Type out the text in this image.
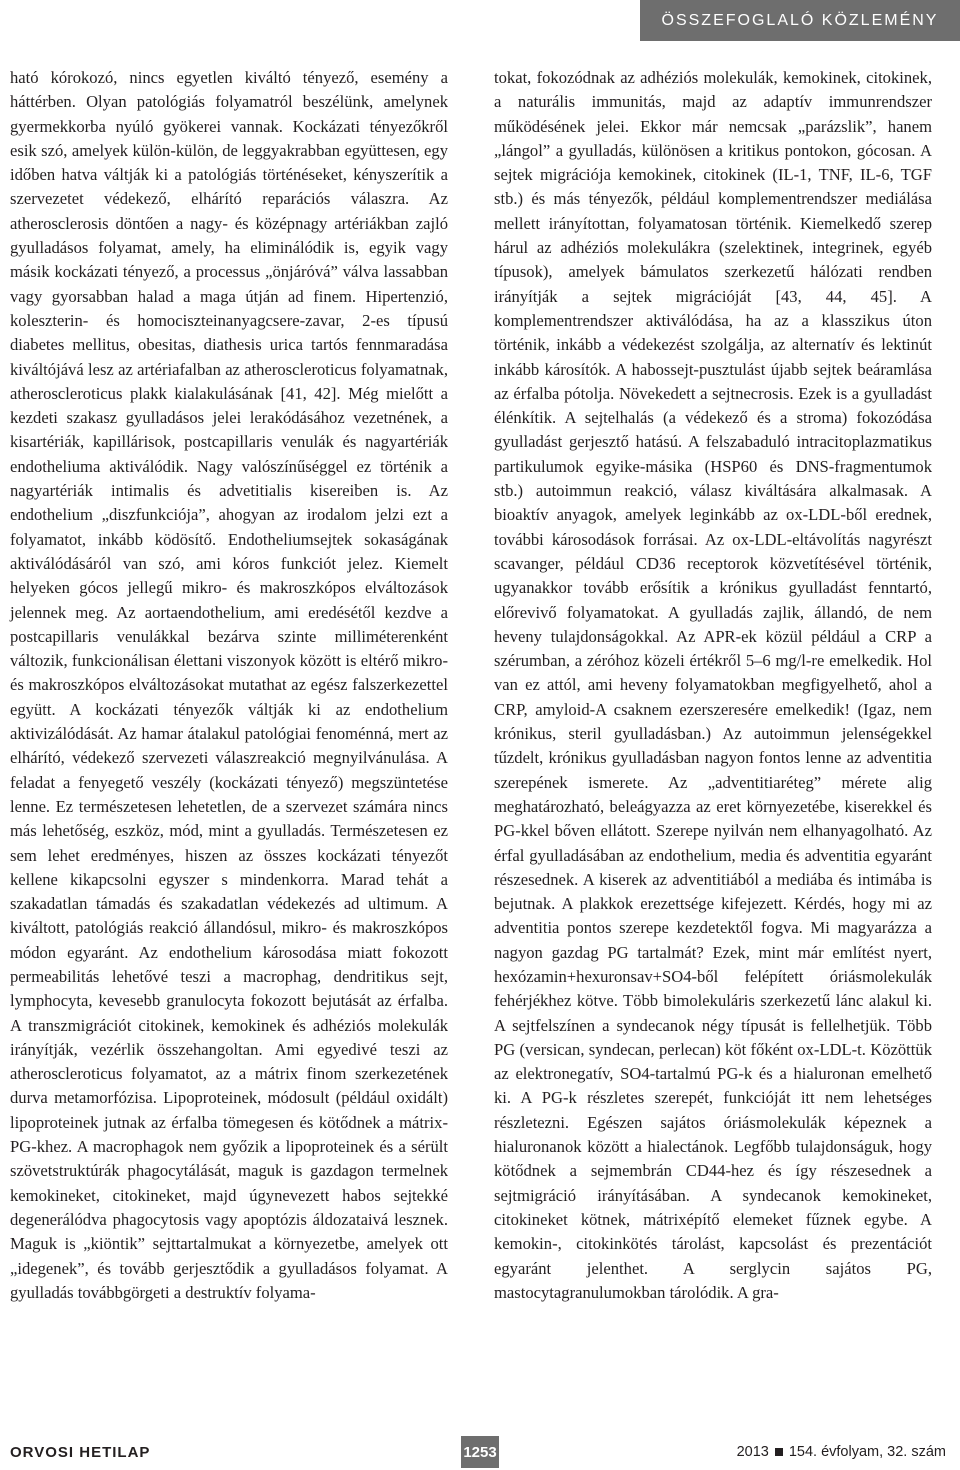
ÖSSZEFOGLALÓ KÖZLEMÉNY

ható kórokozó, nincs egyetlen kiváltó tényező, esemény a háttérben. Olyan patológiás folyamatról beszélünk, amelynek gyermekkorba nyúló gyökerei vannak. Kockázati tényezőkről esik szó, amelyek külön-külön, de leggyakrabban együttesen, egy időben hatva váltják ki a patológiás történéseket, kényszerítik a szervezetet védekező, elhárító reparációs válaszra. Az atherosclerosis döntően a nagy- és középnagy artériákban zajló gyulladásos folyamat, amely, ha eliminálódik is, egyik vagy másik kockázati tényező, a processus „önjáróvá” válva lassabban vagy gyorsabban halad a maga útján ad finem. Hipertenzió, koleszterin- és homociszteinanyagcsere-zavar, 2-es típusú diabetes mellitus, obesitas, diathesis urica tartós fennmaradása kiváltójává lesz az artériafalban az atheroscleroticus folyamatnak, atheroscleroticus plakk kialakulásának [41, 42]. Még mielőtt a kezdeti szakasz gyulladásos jelei lerakódásához vezetnének, a kisartériák, kapillárisok, postcapillaris venulák és nagyartériák endotheliuma aktiválódik. Nagy valószínűséggel ez történik a nagyartériák intimalis és advetitialis kisereiben is. Az endothelium „diszfunkciója”, ahogyan az irodalom jelzi ezt a folyamatot, inkább ködösítő. Endotheliumsejtek sokaságának aktiválódásáról van szó, ami kóros funkciót jelez. Kiemelt helyeken gócos jellegű mikro- és makroszkópos elváltozások jelennek meg. Az aortaendothelium, ami eredésétől kezdve a postcapillaris venulákkal bezárva szinte milliméterenként változik, funkcionálisan élettani viszonyok között is eltérő mikro- és makroszkópos elváltozásokat mutathat az egész falszerkezettel együtt. A kockázati tényezők váltják ki az endothelium aktivizálódását. Az hamar átalakul patológiai fenoménná, mert az elhárító, védekező szervezeti válaszreakció megnyilvánulása. A feladat a fenyegető veszély (kockázati tényező) megszüntetése lenne. Ez természetesen lehetetlen, de a szervezet számára nincs más lehetőség, eszköz, mód, mint a gyulladás. Természetesen ez sem lehet eredményes, hiszen az összes kockázati tényezőt kellene kikapcsolni egyszer s mindenkorra. Marad tehát a szakadatlan támadás és szakadatlan védekezés ad ultimum. A kiváltott, patológiás reakció állandósul, mikro- és makroszkópos módon egyaránt. Az endothelium károsodása miatt fokozott permeabilitás lehetővé teszi a macrophag, dendritikus sejt, lymphocyta, kevesebb granulocyta fokozott bejutását az érfalba. A transzmigrációt citokinek, kemokinek és adhéziós molekulák irányítják, vezérlik összehangoltan. Ami egyedivé teszi az atheroscleroticus folyamatot, az a mátrix finom szerkezetének durva metamorfózisa. Lipoproteinek, módosult (például oxidált) lipoproteinek jutnak az érfalba tömegesen és kötődnek a mátrix-PG-khez. A macrophagok nem győzik a lipoproteinek és a sérült szövetstruktúrák phagocytálását, maguk is gazdagon termelnek kemokineket, citokineket, majd úgynevezett habos sejtekké degenerálódva phagocytosis vagy apoptózis áldozataivá lesznek. Maguk is „kiöntik” sejttartalmukat a környezetbe, amelyek ott „idegenek”, és tovább gerjesztődik a gyulladásos folyamat. A gyulladás továbbgörgeti a destruktív folyama-

tokat, fokozódnak az adhéziós molekulák, kemokinek, citokinek, a naturális immunitás, majd az adaptív immunrendszer működésének jelei. Ekkor már nemcsak „parázslik”, hanem „lángol” a gyulladás, különösen a kritikus pontokon, gócosan. A sejtek migrációja kemokinek, citokinek (IL-1, TNF, IL-6, TGF stb.) és más tényezők, például komplementrendszer mediálása mellett irányítottan, folyamatosan történik. Kiemelkedő szerep hárul az adhéziós molekulákra (szelektinek, integrinek, egyéb típusok), amelyek bámulatos szerkezetű hálózati rendben irányítják a sejtek migrációját [43, 44, 45]. A komplementrendszer aktiválódása, ha az a klasszikus úton történik, inkább a védekezést szolgálja, az alternatív és lektinút inkább károsítók. A habossejt-pusztulást újabb sejtek beáramlása az érfalba pótolja. Növekedett a sejtnecrosis. Ezek is a gyulladást élénkítik. A sejtelhalás (a védekező és a stroma) fokozódása gyulladást gerjesztő hatású. A felszabaduló intracitoplazmatikus partikulumok egyike-másika (HSP60 és DNS-fragmentumok stb.) autoimmun reakció, válasz kiváltására alkalmasak. A bioaktív anyagok, amelyek leginkább az ox-LDL-ből erednek, további károsodások forrásai. Az ox-LDL-eltávolítás nagyrészt scavanger, például CD36 receptorok közvetítésével történik, ugyanakkor tovább erősítik a krónikus gyulladást fenntartó, előrevivő folyamatokat. A gyulladás zajlik, állandó, de nem heveny tulajdonságokkal. Az APR-ek közül például a CRP a szérumban, a zéróhoz közeli értékről 5–6 mg/l-re emelkedik. Hol van ez attól, ami heveny folyamatokban megfigyelhető, ahol a CRP, amyloid-A csaknem ezerszeresére emelkedik! (Igaz, nem krónikus, steril gyulladásban.) Az autoimmun jelenségekkel tűzdelt, krónikus gyulladásban nagyon fontos lenne az adventitia szerepének ismerete. Az „adventitiaréteg” mérete alig meghatározható, beleágyazza az eret környezetébe, kiserekkel és PG-kkel bőven ellátott. Szerepe nyilván nem elhanyagolható. Az érfal gyulladásában az endothelium, media és adventitia egyaránt részesednek. A kiserek az adventitiából a mediába és intimába is bejutnak. A plakkok erezettsége kifejezett. Kérdés, hogy mi az adventitia pontos szerepe kezdetektől fogva. Mi magyarázza a nagyon gazdag PG tartalmát? Ezek, mint már említést nyert, hexózamin+hexuronsav+SO4-ből felépített óriásmolekulák fehérjékhez kötve. Több bimolekuláris szerkezetű lánc alakul ki. A sejtfelszínen a syndecanok négy típusát is fellelhetjük. Több PG (versican, syndecan, perlecan) köt főként ox-LDL-t. Közöttük az elektronegatív, SO4-tartalmú PG-k és a hialuronan emelhető ki. A PG-k részletes szerepét, funkcióját itt nem lehetséges részletezni. Egészen sajátos óriásmolekulák képeznek a hialuronanok között a hialectánok. Legfőbb tulajdonságuk, hogy kötődnek a sejmembrán CD44-hez és így részesednek a sejtmigráció irányításában. A syndecanok kemokineket, citokineket kötnek, mátrixépítő elemeket fűznek egybe. A kemokin-, citokinkötés tárolást, kapcsolást és prezentációt egyaránt jelenthet. A serglycin sajátos PG, mastocytagranulumokban tárolódik. A gra-

ORVOSI HETILAP	1253	2013 154. évfolyam, 32. szám
